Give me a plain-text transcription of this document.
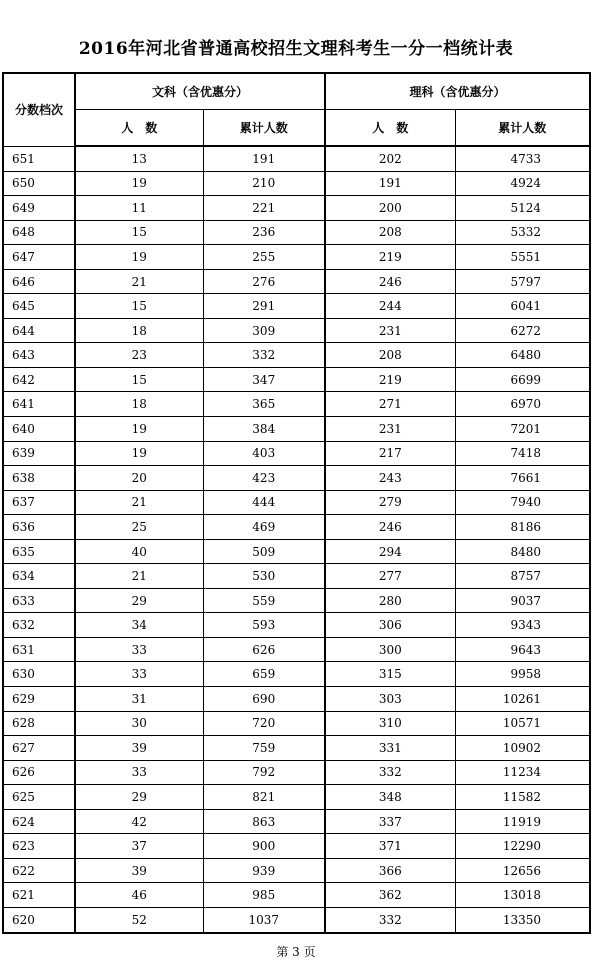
2016年河北省普通高校招生文理科考生一分一档统计表
分数档次	文科（含优惠分）		理科（含优惠分）	
	人　数	累计人数	人　数	累计人数
651	13	191	202	4733
650	19	210	191	4924
649	11	221	200	5124
648	15	236	208	5332
647	19	255	219	5551
646	21	276	246	5797
645	15	291	244	6041
644	18	309	231	6272
643	23	332	208	6480
642	15	347	219	6699
641	18	365	271	6970
640	19	384	231	7201
639	19	403	217	7418
638	20	423	243	7661
637	21	444	279	7940
636	25	469	246	8186
635	40	509	294	8480
634	21	530	277	8757
633	29	559	280	9037
632	34	593	306	9343
631	33	626	300	9643
630	33	659	315	9958
629	31	690	303	10261
628	30	720	310	10571
627	39	759	331	10902
626	33	792	332	11234
625	29	821	348	11582
624	42	863	337	11919
623	37	900	371	12290
622	39	939	366	12656
621	46	985	362	13018
620	52	1037	332	13350
第 3 页
